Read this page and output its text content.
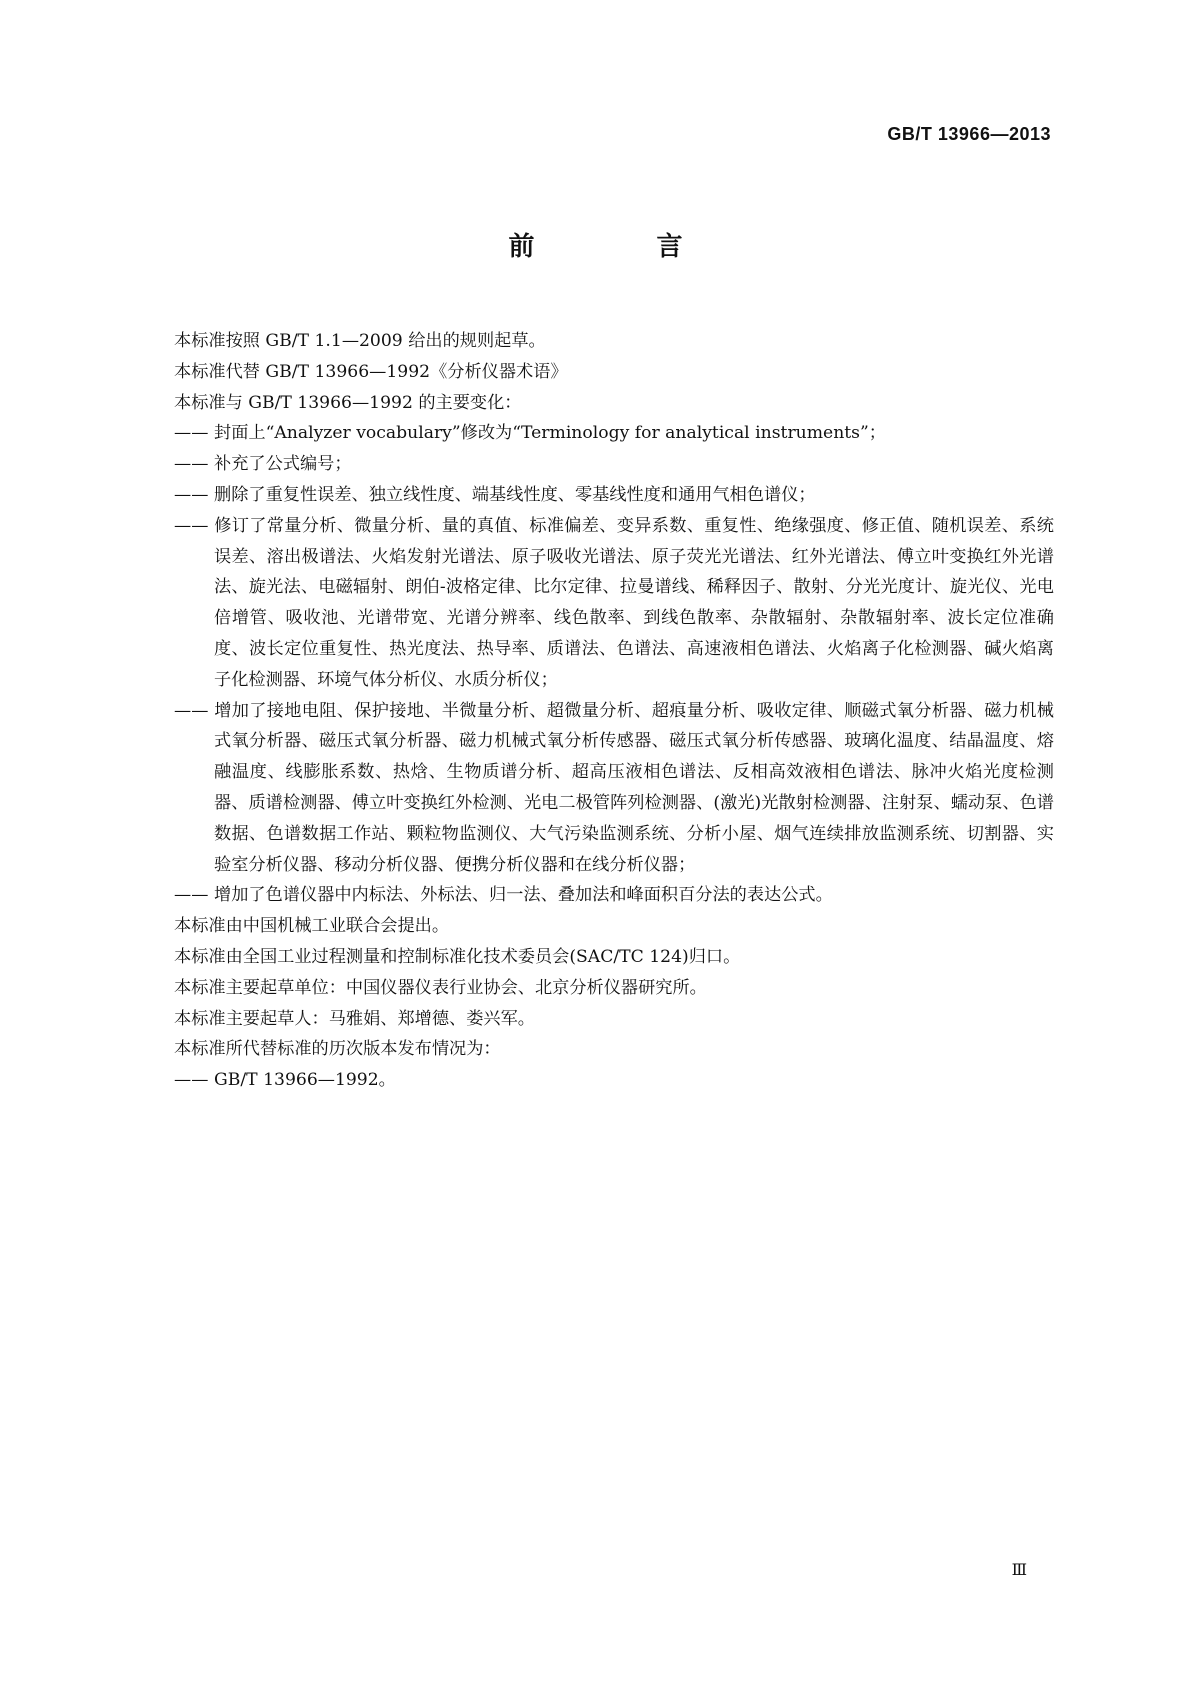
GB/T 13966—2013
前　言

本标准按照 GB/T 1.1—2009 给出的规则起草。

本标准代替 GB/T 13966—1992《分析仪器术语》

本标准与 GB/T 13966—1992 的主要变化：

—— 封面上“Analyzer vocabulary”修改为“Terminology for analytical instruments”；

—— 补充了公式编号；

—— 删除了重复性误差、独立线性度、端基线性度、零基线性度和通用气相色谱仪；

—— 修订了常量分析、微量分析、量的真值、标准偏差、变异系数、重复性、绝缘强度、修正值、随机误差、系统误差、溶出极谱法、火焰发射光谱法、原子吸收光谱法、原子荧光光谱法、红外光谱法、傅立叶变换红外光谱法、旋光法、电磁辐射、朗伯-波格定律、比尔定律、拉曼谱线、稀释因子、散射、分光光度计、旋光仪、光电倍增管、吸收池、光谱带宽、光谱分辨率、线色散率、到线色散率、杂散辐射、杂散辐射率、波长定位准确度、波长定位重复性、热光度法、热导率、质谱法、色谱法、高速液相色谱法、火焰离子化检测器、碱火焰离子化检测器、环境气体分析仪、水质分析仪；

—— 增加了接地电阻、保护接地、半微量分析、超微量分析、超痕量分析、吸收定律、顺磁式氧分析器、磁力机械式氧分析器、磁压式氧分析器、磁力机械式氧分析传感器、磁压式氧分析传感器、玻璃化温度、结晶温度、熔融温度、线膨胀系数、热焓、生物质谱分析、超高压液相色谱法、反相高效液相色谱法、脉冲火焰光度检测器、质谱检测器、傅立叶变换红外检测、光电二极管阵列检测器、(激光)光散射检测器、注射泵、蠕动泵、色谱数据、色谱数据工作站、颗粒物监测仪、大气污染监测系统、分析小屋、烟气连续排放监测系统、切割器、实验室分析仪器、移动分析仪器、便携分析仪器和在线分析仪器；

—— 增加了色谱仪器中内标法、外标法、归一法、叠加法和峰面积百分法的表达公式。

本标准由中国机械工业联合会提出。

本标准由全国工业过程测量和控制标准化技术委员会(SAC/TC 124)归口。

本标准主要起草单位：中国仪器仪表行业协会、北京分析仪器研究所。

本标准主要起草人：马雅娟、郑增德、娄兴军。

本标准所代替标准的历次版本发布情况为：

—— GB/T 13966—1992。

Ⅲ
